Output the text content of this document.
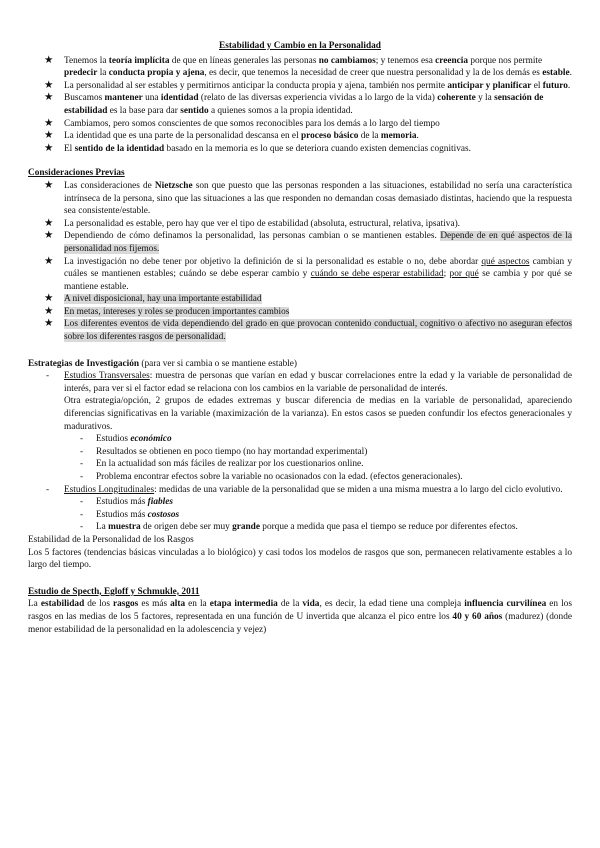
Estabilidad y Cambio en la Personalidad
★ Tenemos la teoría implícita de que en líneas generales las personas no cambiamos; y tenemos esa creencia porque nos permite predecir la conducta propia y ajena, es decir, que tenemos la necesidad de creer que nuestra personalidad y la de los demás es estable.
★ La personalidad al ser estables y permitirnos anticipar la conducta propia y ajena, también nos permite anticipar y planificar el futuro.
★ Buscamos mantener una identidad (relato de las diversas experiencia vividas a lo largo de la vida) coherente y la sensación de estabilidad es la base para dar sentido a quienes somos a la propia identidad.
★ Cambiamos, pero somos conscientes de que somos reconocibles para los demás a lo largo del tiempo
★ La identidad que es una parte de la personalidad descansa en el proceso básico de la memoria.
★ El sentido de la identidad basado en la memoria es lo que se deteriora cuando existen demencias cognitivas.
Consideraciones Previas
★ Las consideraciones de Nietzsche son que puesto que las personas responden a las situaciones, estabilidad no sería una característica intrínseca de la persona, sino que las situaciones a las que responden no demandan cosas demasiado distintas, haciendo que la respuesta sea consistente/estable.
★ La personalidad es estable, pero hay que ver el tipo de estabilidad (absoluta, estructural, relativa, ipsativa).
★ Dependiendo de cómo definamos la personalidad, las personas cambian o se mantienen estables. Depende de en qué aspectos de la personalidad nos fijemos.
★ La investigación no debe tener por objetivo la definición de si la personalidad es estable o no, debe abordar qué aspectos cambian y cuáles se mantienen estables; cuándo se debe esperar cambio y cuándo se debe esperar estabilidad; por qué se cambia y por qué se mantiene estable.
★ A nivel disposicional, hay una importante estabilidad
★ En metas, intereses y roles se producen importantes cambios
★ Los diferentes eventos de vida dependiendo del grado en que provocan contenido conductual, cognitivo o afectivo no aseguran efectos sobre los diferentes rasgos de personalidad.
Estrategias de Investigación (para ver si cambia o se mantiene estable)
- Estudios Transversales: muestra de personas que varían en edad y buscar correlaciones entre la edad y la variable de personalidad de interés, para ver si el factor edad se relaciona con los cambios en la variable de personalidad de interés.

Otra estrategia/opción, 2 grupos de edades extremas y buscar diferencia de medias en la variable de personalidad, apareciendo diferencias significativas en la variable (maximización de la varianza). En estos casos se pueden confundir los efectos generacionales y madurativos.

- Estudios económico
- Resultados se obtienen en poco tiempo (no hay mortandad experimental)
- En la actualidad son más fáciles de realizar por los cuestionarios online.
- Problema encontrar efectos sobre la variable no ocasionados con la edad. (efectos generacionales).
- Estudios Longitudinales: medidas de una variable de la personalidad que se miden a una misma muestra a lo largo del ciclo evolutivo.
- Estudios más fiables
- Estudios más costosos
- La muestra de origen debe ser muy grande porque a medida que pasa el tiempo se reduce por diferentes efectos.

Estabilidad de la Personalidad de los Rasgos

Los 5 factores (tendencias básicas vinculadas a lo biológico) y casi todos los modelos de rasgos que son, permanecen relativamente estables a lo largo del tiempo.

Estudio de Specth, Egloff y Schmukle, 2011

La estabilidad de los rasgos es más alta en la etapa intermedia de la vida, es decir, la edad tiene una compleja influencia curvilínea en los rasgos en las medias de los 5 factores, representada en una función de U invertida que alcanza el pico entre los 40 y 60 años (madurez) (donde menor estabilidad de la personalidad en la adolescencia y vejez)
